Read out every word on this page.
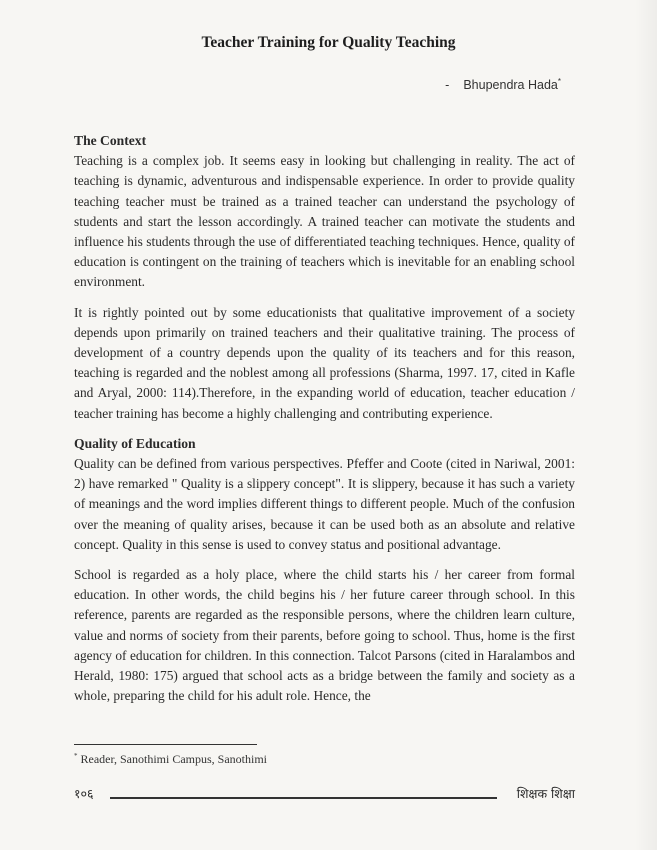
Teacher Training for Quality Teaching
- Bhupendra Hada*
The Context

Teaching is a complex job. It seems easy in looking but challenging in reality. The act of teaching is dynamic, adventurous and indispensable experience. In order to provide quality teaching teacher must be trained as a trained teacher can understand the psychology of students and start the lesson accordingly. A trained teacher can motivate the students and influence his students through the use of differentiated teaching techniques. Hence, quality of education is contingent on the training of teachers which is inevitable for an enabling school environment.

It is rightly pointed out by some educationists that qualitative improvement of a society depends upon primarily on trained teachers and their qualitative training. The process of development of a country depends upon the quality of its teachers and for this reason, teaching is regarded and the noblest among all professions (Sharma, 1997. 17, cited in Kafle and Aryal, 2000: 114).Therefore, in the expanding world of education, teacher education / teacher training has become a highly challenging and contributing experience.

Quality of Education

Quality can be defined from various perspectives. Pfeffer and Coote (cited in Nariwal, 2001: 2) have remarked " Quality is a slippery concept". It is slippery, because it has such a variety of meanings and the word implies different things to different people. Much of the confusion over the meaning of quality arises, because it can be used both as an absolute and relative concept. Quality in this sense is used to convey status and positional advantage.

School is regarded as a holy place, where the child starts his / her career from formal education. In other words, the child begins his / her future career through school. In this reference, parents are regarded as the responsible persons, where the children learn culture, value and norms of society from their parents, before going to school. Thus, home is the first agency of education for children. In this connection. Talcot Parsons (cited in Haralambos and Herald, 1980: 175) argued that school acts as a bridge between the family and society as a whole, preparing the child for his adult role. Hence, the

* Reader, Sanothimi Campus, Sanothimi
१०६	शिक्षक शिक्षा
